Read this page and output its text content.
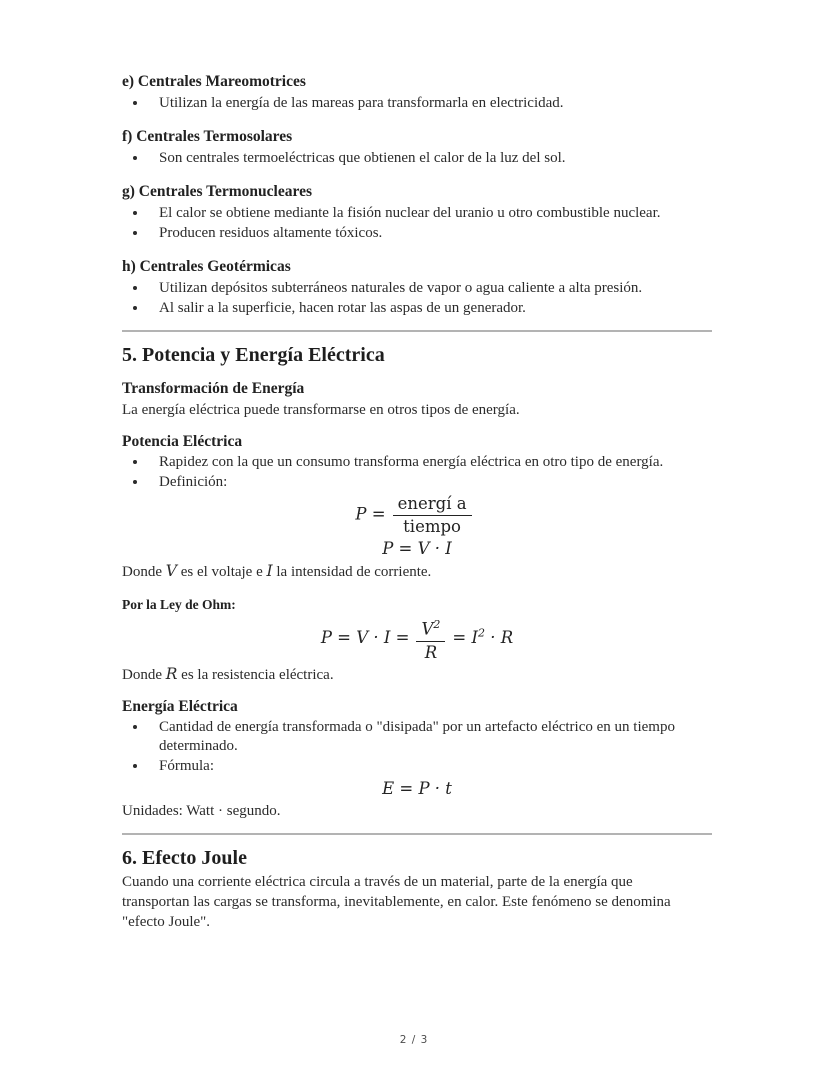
e) Centrales Mareomotrices
• Utilizan la energía de las mareas para transformarla en electricidad.
f) Centrales Termosolares
• Son centrales termoeléctricas que obtienen el calor de la luz del sol.
g) Centrales Termonucleares
• El calor se obtiene mediante la fisión nuclear del uranio u otro combustible nuclear.
• Producen residuos altamente tóxicos.
h) Centrales Geotérmicas
• Utilizan depósitos subterráneos naturales de vapor o agua caliente a alta presión.
• Al salir a la superficie, hacen rotar las aspas de un generador.
5. Potencia y Energía Eléctrica
Transformación de Energía

La energía eléctrica puede transformarse en otros tipos de energía.

Potencia Eléctrica
• Rapidez con la que un consumo transforma energía eléctrica en otro tipo de energía.
• Definición:
$P = \frac{\text{energí a}}{\text{tiempo}}$
P = V · I

Donde V es el voltaje e I la intensidad de corriente.

Por la Ley de Ohm:
$P = V \cdot I = \frac{V^2}{R} = I^2 \cdot R$

Donde R es la resistencia eléctrica.

Energía Eléctrica
• Cantidad de energía transformada o "disipada" por un artefacto eléctrico en un tiempo determinado.
• Fórmula:
E = P · t

Unidades: Watt · segundo.

6. Efecto Joule

Cuando una corriente eléctrica circula a través de un material, parte de la energía que transportan las cargas se transforma, inevitablemente, en calor. Este fenómeno se denomina "efecto Joule".

2 / 3
